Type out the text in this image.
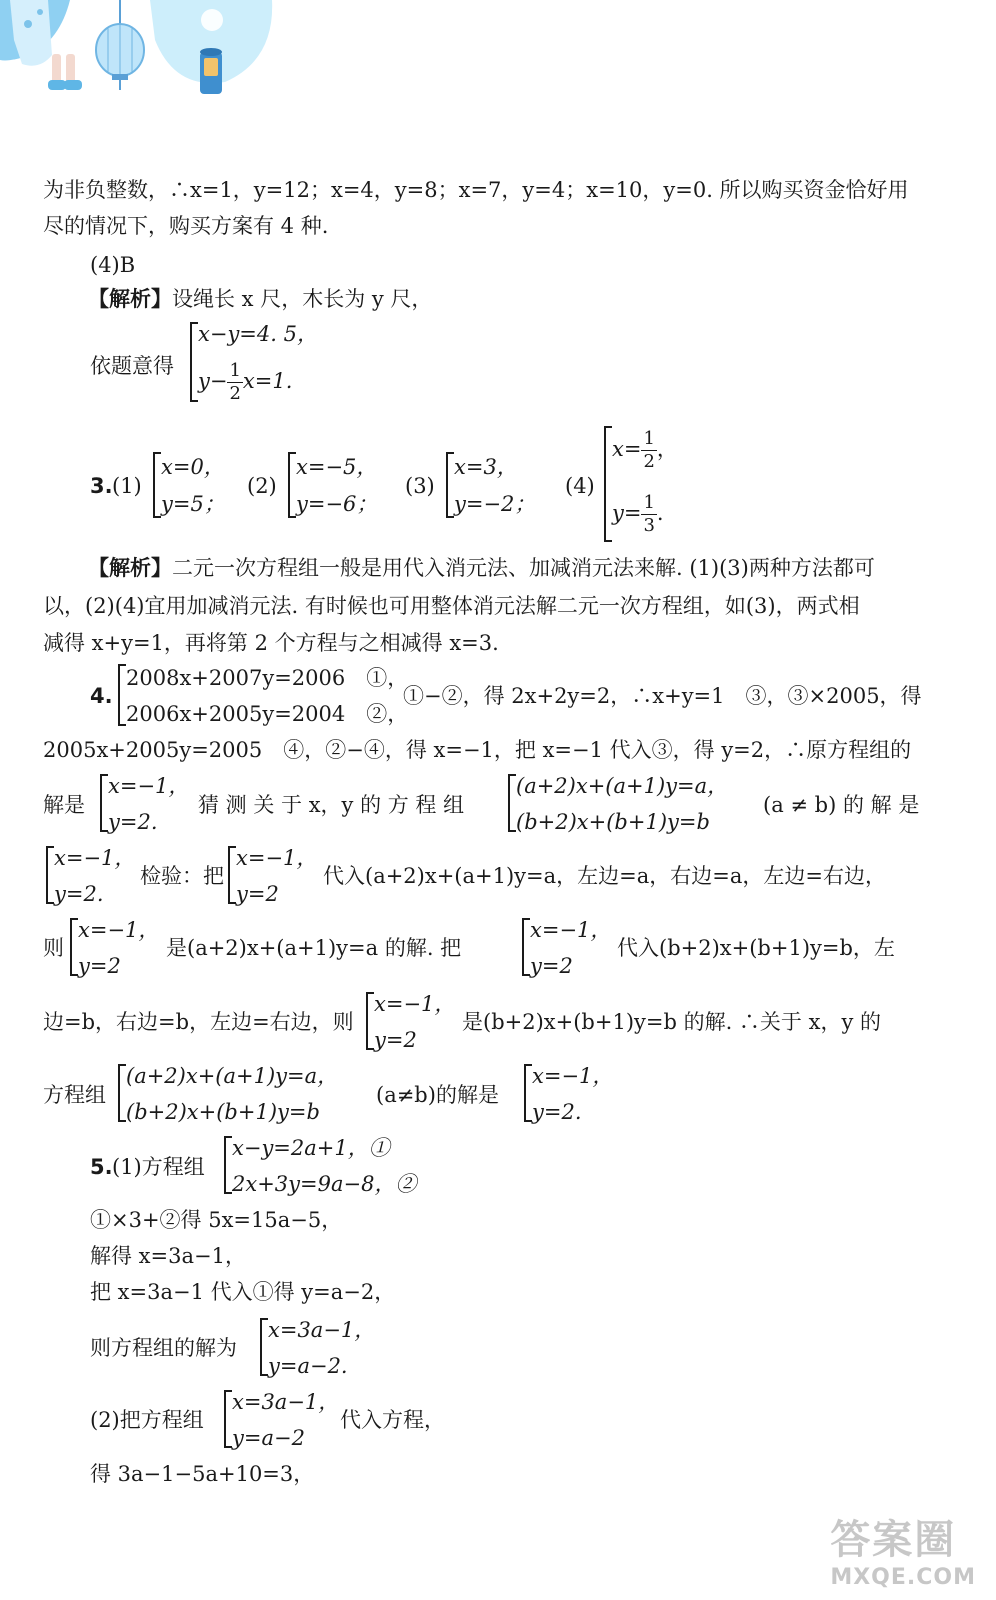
为非负整数，∴x=1，y=12；x=4，y=8；x=7，y=4；x=10，y=0. 所以购买资金恰好用
尽的情况下，购买方案有 4 种.
(4)B
【解析】设绳长 x 尺，木长为 y 尺，
依题意得
x−y=4. 5，
$y- \frac{1}{2} x=1$.
3. (1)
x=0，
y=5；
(2)
x=−5，
y=−6；
(3)
x=3，
y=−2；
(4)
$x= \frac{1}{2}$ ，
$y= \frac{1}{3}$ .
【解析】二元一次方程组一般是用代入消元法、加减消元法来解. (1)(3)两种方法都可
以，(2)(4)宜用加减消元法. 有时候也可用整体消元法解二元一次方程组，如(3)，两式相
减得 x+y=1，再将第 2 个方程与之相减得 x=3.
4.
2008x+2007y=2006　①，
2006x+2005y=2004　②，
①−②，得 2x+2y=2，∴x+y=1　③，③×2005，得
2005x+2005y=2005　④，②−④，得 x=−1，把 x=−1 代入③，得 y=2，∴原方程组的
解是
x=−1，
y=2.
猜 测 关 于 x，y 的 方 程 组
(a+2)x+(a+1)y=a，
(b+2)x+(b+1)y=b
(a ≠ b) 的 解 是
x=−1，
y=2.
检验：把
x=−1，
y=2
代入(a+2)x+(a+1)y=a，左边=a，右边=a，左边=右边，
则
x=−1，
y=2
是(a+2)x+(a+1)y=a 的解. 把
x=−1，
y=2
代入(b+2)x+(b+1)y=b，左
边=b，右边=b，左边=右边，则
x=−1，
y=2
是(b+2)x+(b+1)y=b 的解. ∴关于 x，y 的
方程组
(a+2)x+(a+1)y=a，
(b+2)x+(b+1)y=b
(a≠b)的解是
x=−1，
y=2.
5. (1)方程组
x−y=2a+1，①
2x+3y=9a−8，②
①×3+②得 5x=15a−5，
解得 x=3a−1，
把 x=3a−1 代入①得 y=a−2，
则方程组的解为
x=3a−1，
y=a−2.
(2)把方程组
x=3a−1，
y=a−2
代入方程，
得 3a−1−5a+10=3，
答案圈
MXQE.COM
